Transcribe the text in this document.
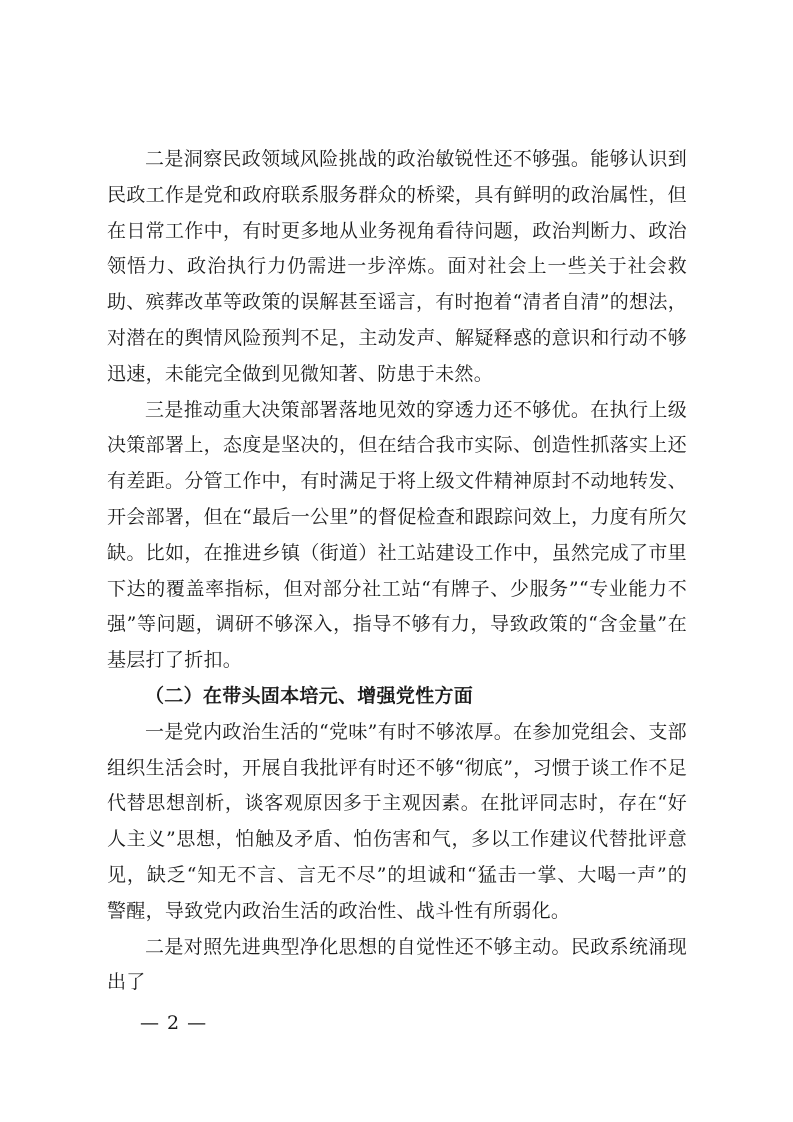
二是洞察民政领域风险挑战的政治敏锐性还不够强。能够认识到民政工作是党和政府联系服务群众的桥梁，具有鲜明的政治属性，但在日常工作中，有时更多地从业务视角看待问题，政治判断力、政治领悟力、政治执行力仍需进一步淬炼。面对社会上一些关于社会救助、殡葬改革等政策的误解甚至谣言，有时抱着“清者自清”的想法，对潜在的舆情风险预判不足，主动发声、解疑释惑的意识和行动不够迅速，未能完全做到见微知著、防患于未然。

三是推动重大决策部署落地见效的穿透力还不够优。在执行上级决策部署上，态度是坚决的，但在结合我市实际、创造性抓落实上还有差距。分管工作中，有时满足于将上级文件精神原封不动地转发、开会部署，但在“最后一公里”的督促检查和跟踪问效上，力度有所欠缺。比如，在推进乡镇（街道）社工站建设工作中，虽然完成了市里下达的覆盖率指标，但对部分社工站“有牌子、少服务”“专业能力不强”等问题，调研不够深入，指导不够有力，导致政策的“含金量”在基层打了折扣。

（二）在带头固本培元、增强党性方面

一是党内政治生活的“党味”有时不够浓厚。在参加党组会、支部组织生活会时，开展自我批评有时还不够“彻底”，习惯于谈工作不足代替思想剖析，谈客观原因多于主观因素。在批评同志时，存在“好人主义”思想，怕触及矛盾、怕伤害和气，多以工作建议代替批评意见，缺乏“知无不言、言无不尽”的坦诚和“猛击一掌、大喝一声”的警醒，导致党内政治生活的政治性、战斗性有所弱化。

二是对照先进典型净化思想的自觉性还不够主动。民政系统涌现出了

— 2 —
